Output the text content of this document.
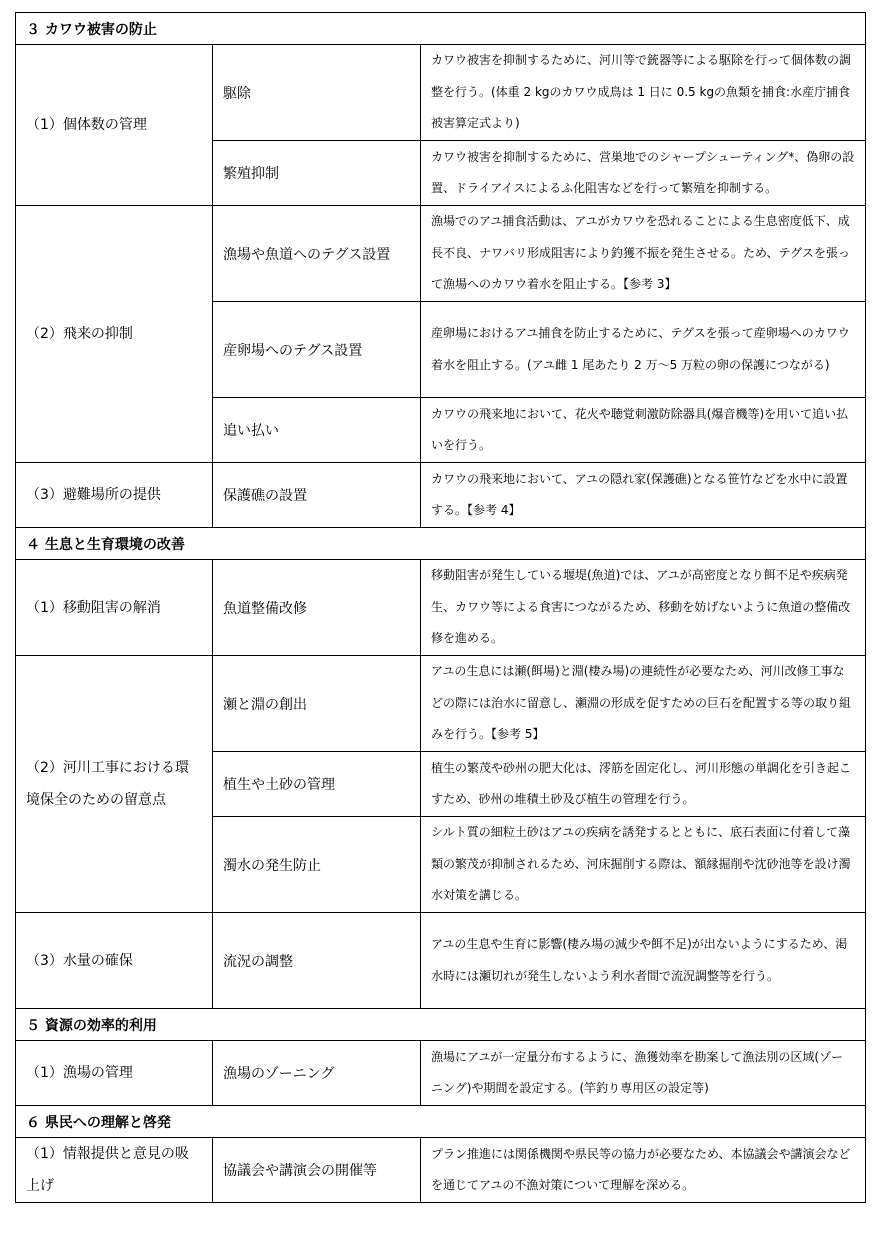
３ カワウ被害の防止		
（1）個体数の管理	駆除	カワウ被害を抑制するために、河川等で銃器等による駆除を行って個体数の調整を行う。(体重 2 kgのカワウ成鳥は 1 日に 0.5 kgの魚類を捕食:水産庁捕食被害算定式より)
	繁殖抑制	カワウ被害を抑制するために、営巣地でのシャープシューティング*、偽卵の設置、ドライアイスによるふ化阻害などを行って繁殖を抑制する。
（2）飛来の抑制	漁場や魚道へのテグス設置	漁場でのアユ捕食活動は、アユがカワウを恐れることによる生息密度低下、成長不良、ナワバリ形成阻害により釣獲不振を発生させる。ため、テグスを張って漁場へのカワウ着水を阻止する。【参考 3】
	産卵場へのテグス設置	産卵場におけるアユ捕食を防止するために、テグスを張って産卵場へのカワウ着水を阻止する。(アユ雌 1 尾あたり 2 万～5 万粒の卵の保護につながる)
	追い払い	カワウの飛来地において、花火や聴覚刺激防除器具(爆音機等)を用いて追い払いを行う。
（3）避難場所の提供	保護礁の設置	カワウの飛来地において、アユの隠れ家(保護礁)となる笹竹などを水中に設置する。【参考 4】
４ 生息と生育環境の改善		
（1）移動阻害の解消	魚道整備改修	移動阻害が発生している堰堤(魚道)では、アユが高密度となり餌不足や疾病発生、カワウ等による食害につながるため、移動を妨げないように魚道の整備改修を進める。
（2）河川工事における環境保全のための留意点	瀬と淵の創出	アユの生息には瀬(餌場)と淵(棲み場)の連続性が必要なため、河川改修工事などの際には治水に留意し、瀬淵の形成を促すための巨石を配置する等の取り組みを行う。【参考 5】
	植生や土砂の管理	植生の繁茂や砂州の肥大化は、澪筋を固定化し、河川形態の単調化を引き起こすため、砂州の堆積土砂及び植生の管理を行う。
	濁水の発生防止	シルト質の細粒土砂はアユの疾病を誘発するとともに、底石表面に付着して藻類の繁茂が抑制されるため、河床掘削する際は、額縁掘削や沈砂池等を設け濁水対策を講じる。
（3）水量の確保	流況の調整	アユの生息や生育に影響(棲み場の減少や餌不足)が出ないようにするため、渇水時には瀬切れが発生しないよう利水者間で流況調整等を行う。
５ 資源の効率的利用		
（1）漁場の管理	漁場のゾーニング	漁場にアユが一定量分布するように、漁獲効率を勘案して漁法別の区域(ゾーニング)や期間を設定する。(竿釣り専用区の設定等)
６ 県民への理解と啓発		
（1）情報提供と意見の吸上げ	協議会や講演会の開催等	プラン推進には関係機関や県民等の協力が必要なため、本協議会や講演会などを通じてアユの不漁対策について理解を深める。
